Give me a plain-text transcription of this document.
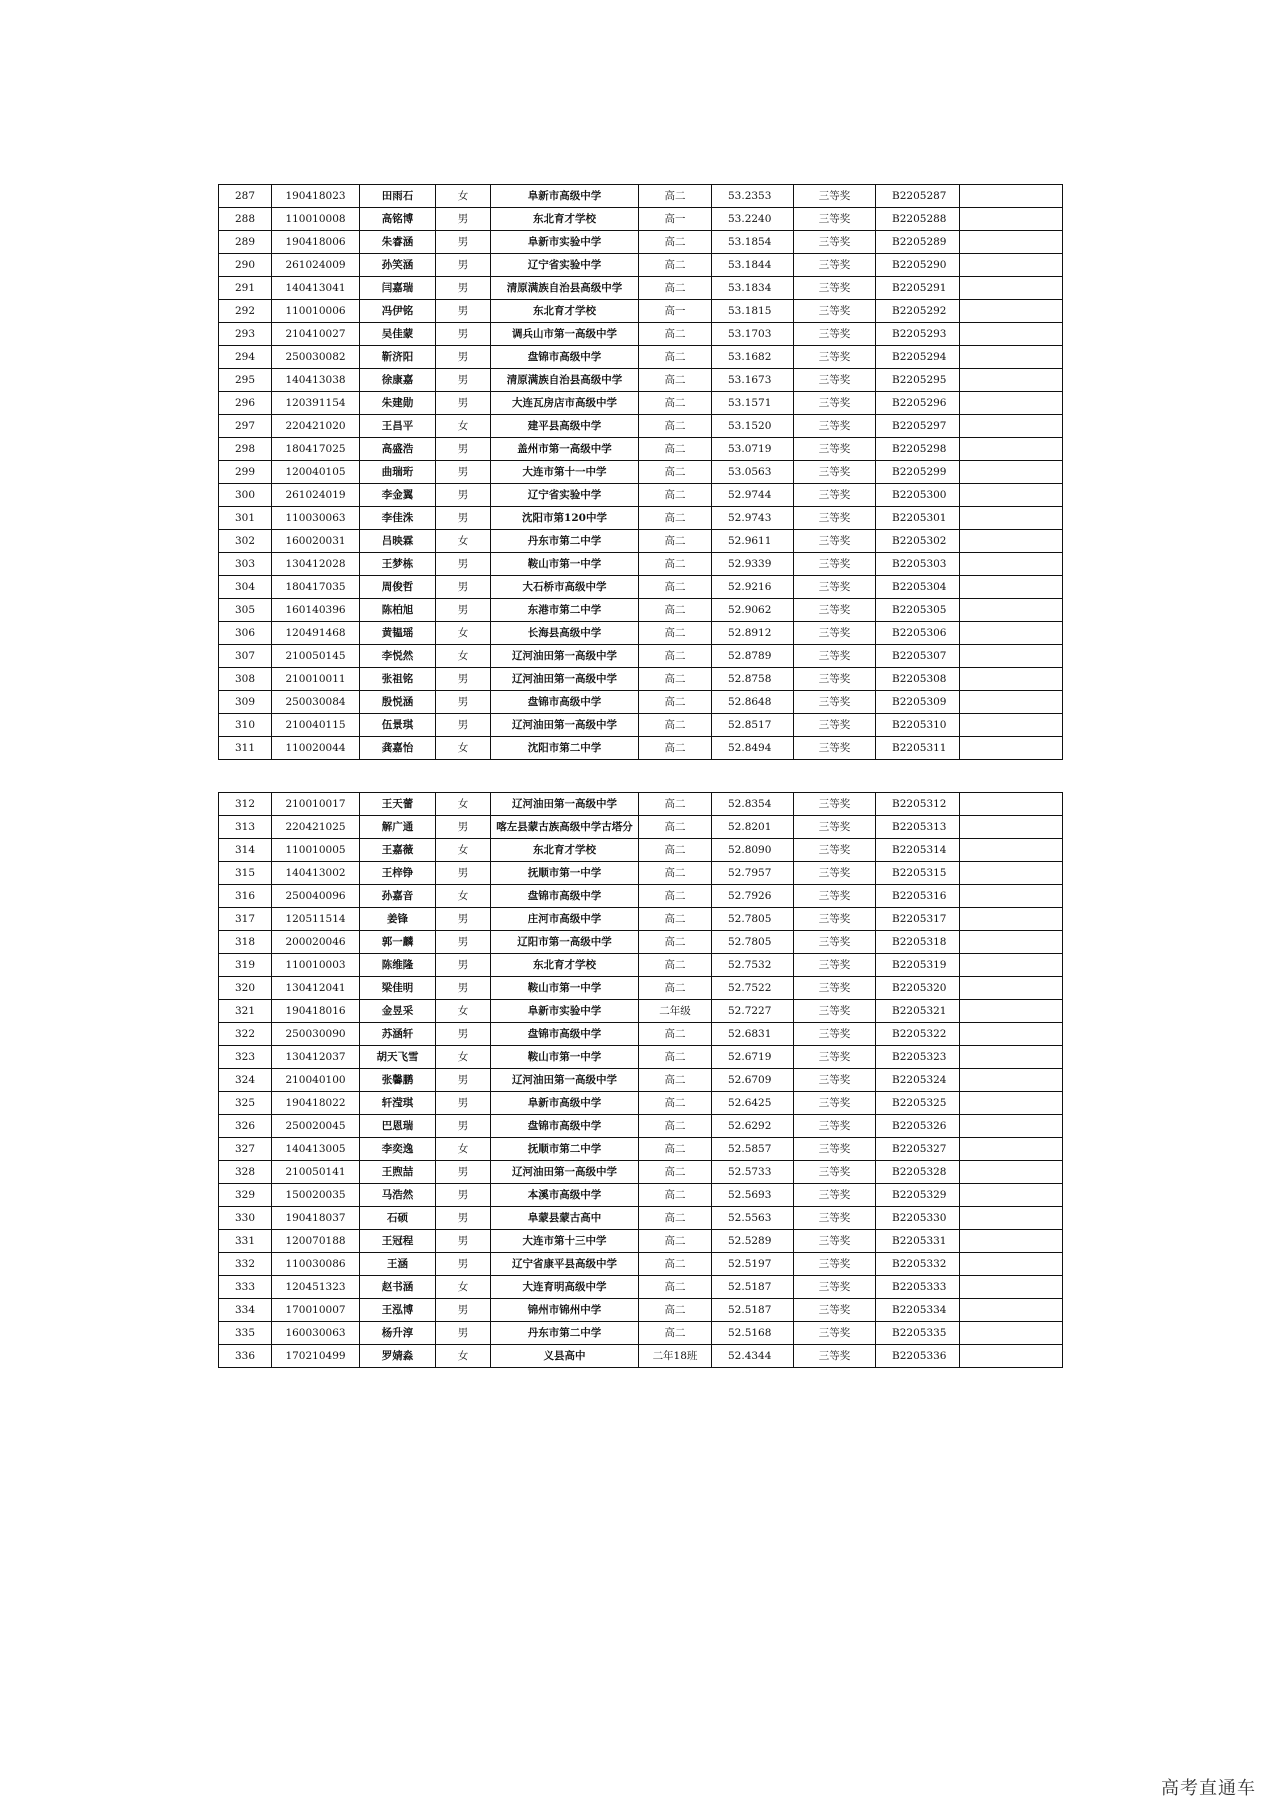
287	190418023	田雨石	女	阜新市高级中学	高二	53.2353	三等奖	B2205287	
288	110010008	高铭博	男	东北育才学校	高一	53.2240	三等奖	B2205288	
289	190418006	朱睿涵	男	阜新市实验中学	高二	53.1854	三等奖	B2205289	
290	261024009	孙笑涵	男	辽宁省实验中学	高二	53.1844	三等奖	B2205290	
291	140413041	闫嘉瑞	男	清原满族自治县高级中学	高二	53.1834	三等奖	B2205291	
292	110010006	冯伊铭	男	东北育才学校	高一	53.1815	三等奖	B2205292	
293	210410027	吴佳蒙	男	调兵山市第一高级中学	高二	53.1703	三等奖	B2205293	
294	250030082	靳济阳	男	盘锦市高级中学	高二	53.1682	三等奖	B2205294	
295	140413038	徐康嘉	男	清原满族自治县高级中学	高二	53.1673	三等奖	B2205295	
296	120391154	朱建勋	男	大连瓦房店市高级中学	高二	53.1571	三等奖	B2205296	
297	220421020	王昌平	女	建平县高级中学	高二	53.1520	三等奖	B2205297	
298	180417025	高盛浩	男	盖州市第一高级中学	高二	53.0719	三等奖	B2205298	
299	120040105	曲瑞珩	男	大连市第十一中学	高二	53.0563	三等奖	B2205299	
300	261024019	李金翼	男	辽宁省实验中学	高二	52.9744	三等奖	B2205300	
301	110030063	李佳洙	男	沈阳市第120中学	高二	52.9743	三等奖	B2205301	
302	160020031	吕映霖	女	丹东市第二中学	高二	52.9611	三等奖	B2205302	
303	130412028	王梦栋	男	鞍山市第一中学	高二	52.9339	三等奖	B2205303	
304	180417035	周俊哲	男	大石桥市高级中学	高二	52.9216	三等奖	B2205304	
305	160140396	陈柏旭	男	东港市第二中学	高二	52.9062	三等奖	B2205305	
306	120491468	黄韫瑶	女	长海县高级中学	高二	52.8912	三等奖	B2205306	
307	210050145	李悦然	女	辽河油田第一高级中学	高二	52.8789	三等奖	B2205307	
308	210010011	张祖铭	男	辽河油田第一高级中学	高二	52.8758	三等奖	B2205308	
309	250030084	殷悦涵	男	盘锦市高级中学	高二	52.8648	三等奖	B2205309	
310	210040115	伍景琪	男	辽河油田第一高级中学	高二	52.8517	三等奖	B2205310	
311	110020044	龚嘉怡	女	沈阳市第二中学	高二	52.8494	三等奖	B2205311	
312	210010017	王天蕾	女	辽河油田第一高级中学	高二	52.8354	三等奖	B2205312	
313	220421025	解广通	男	喀左县蒙古族高级中学古塔分	高二	52.8201	三等奖	B2205313	
314	110010005	王嘉薇	女	东北育才学校	高二	52.8090	三等奖	B2205314	
315	140413002	王梓铮	男	抚顺市第一中学	高二	52.7957	三等奖	B2205315	
316	250040096	孙嘉音	女	盘锦市高级中学	高二	52.7926	三等奖	B2205316	
317	120511514	姜锋	男	庄河市高级中学	高二	52.7805	三等奖	B2205317	
318	200020046	郭一麟	男	辽阳市第一高级中学	高二	52.7805	三等奖	B2205318	
319	110010003	陈维隆	男	东北育才学校	高二	52.7532	三等奖	B2205319	
320	130412041	梁佳明	男	鞍山市第一中学	高二	52.7522	三等奖	B2205320	
321	190418016	金昱采	女	阜新市实验中学	二年级	52.7227	三等奖	B2205321	
322	250030090	苏涵轩	男	盘锦市高级中学	高二	52.6831	三等奖	B2205322	
323	130412037	胡天飞雪	女	鞍山市第一中学	高二	52.6719	三等奖	B2205323	
324	210040100	张馨鹏	男	辽河油田第一高级中学	高二	52.6709	三等奖	B2205324	
325	190418022	轩滢琪	男	阜新市高级中学	高二	52.6425	三等奖	B2205325	
326	250020045	巴恩瑞	男	盘锦市高级中学	高二	52.6292	三等奖	B2205326	
327	140413005	李奕逸	女	抚顺市第二中学	高二	52.5857	三等奖	B2205327	
328	210050141	王煦喆	男	辽河油田第一高级中学	高二	52.5733	三等奖	B2205328	
329	150020035	马浩然	男	本溪市高级中学	高二	52.5693	三等奖	B2205329	
330	190418037	石硕	男	阜蒙县蒙古高中	高二	52.5563	三等奖	B2205330	
331	120070188	王冠程	男	大连市第十三中学	高二	52.5289	三等奖	B2205331	
332	110030086	王涵	男	辽宁省康平县高级中学	高二	52.5197	三等奖	B2205332	
333	120451323	赵书涵	女	大连育明高级中学	高二	52.5187	三等奖	B2205333	
334	170010007	王泓博	男	锦州市锦州中学	高二	52.5187	三等奖	B2205334	
335	160030063	杨升淳	男	丹东市第二中学	高二	52.5168	三等奖	B2205335	
336	170210499	罗婧淼	女	义县高中	二年18班	52.4344	三等奖	B2205336	
高考直通车
